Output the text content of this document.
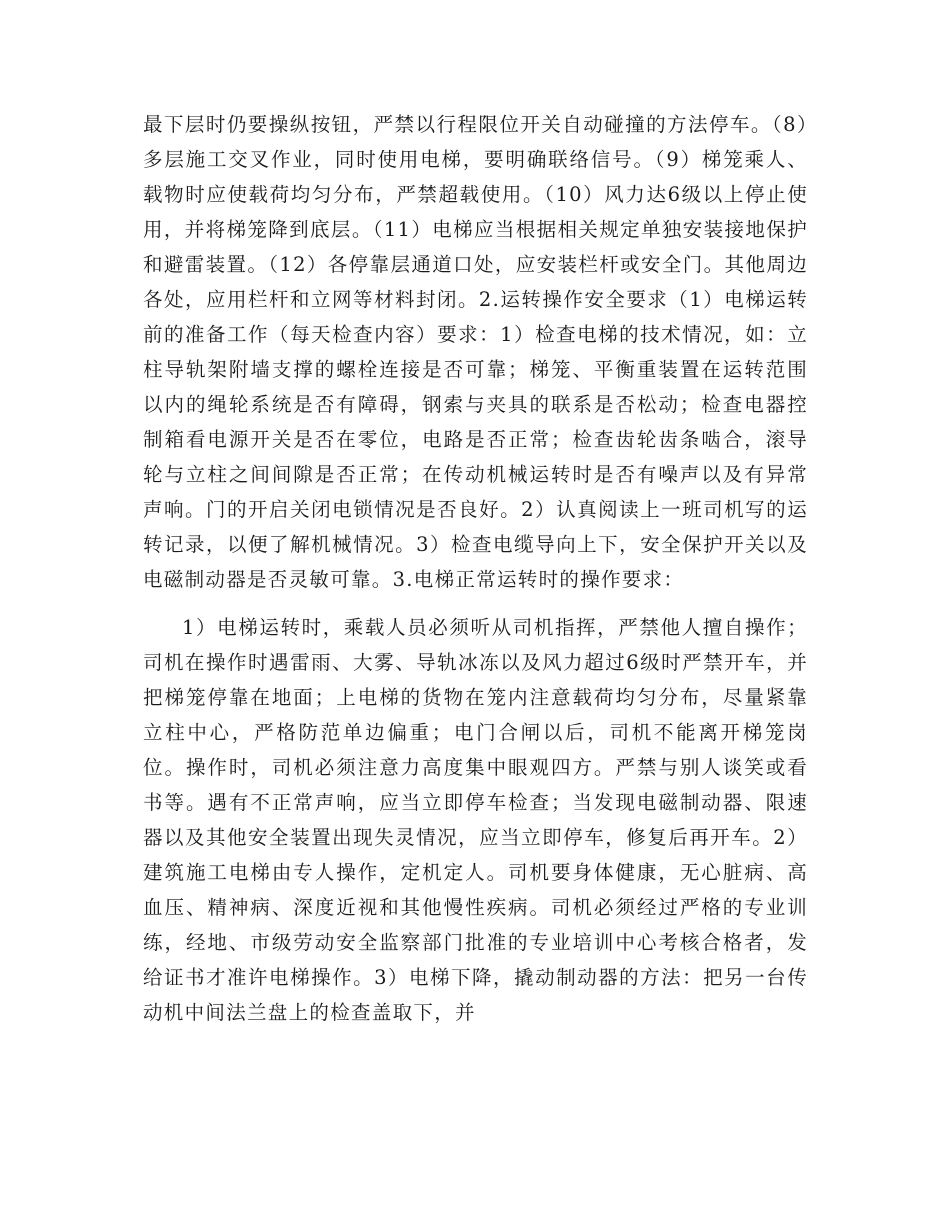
最下层时仍要操纵按钮，严禁以行程限位开关自动碰撞的方法停车。（8）多层施工交叉作业，同时使用电梯，要明确联络信号。（9）梯笼乘人、载物时应使载荷均匀分布，严禁超载使用。（10）风力达6级以上停止使用，并将梯笼降到底层。（11）电梯应当根据相关规定单独安装接地保护和避雷装置。（12）各停靠层通道口处，应安装栏杆或安全门。其他周边各处，应用栏杆和立网等材料封闭。2.运转操作安全要求（1）电梯运转前的准备工作（每天检查内容）要求：1）检查电梯的技术情况，如：立柱导轨架附墙支撑的螺栓连接是否可靠；梯笼、平衡重装置在运转范围以内的绳轮系统是否有障碍，钢索与夹具的联系是否松动；检查电器控制箱看电源开关是否在零位，电路是否正常；检查齿轮齿条啮合，滚导轮与立柱之间间隙是否正常；在传动机械运转时是否有噪声以及有异常声响。门的开启关闭电锁情况是否良好。2）认真阅读上一班司机写的运转记录，以便了解机械情况。3）检查电缆导向上下，安全保护开关以及电磁制动器是否灵敏可靠。3.电梯正常运转时的操作要求：

1）电梯运转时，乘载人员必须听从司机指挥，严禁他人擅自操作；司机在操作时遇雷雨、大雾、导轨冰冻以及风力超过6级时严禁开车，并把梯笼停靠在地面；上电梯的货物在笼内注意载荷均匀分布，尽量紧靠立柱中心，严格防范单边偏重；电门合闸以后，司机不能离开梯笼岗位。操作时，司机必须注意力高度集中眼观四方。严禁与别人谈笑或看书等。遇有不正常声响，应当立即停车检查；当发现电磁制动器、限速器以及其他安全装置出现失灵情况，应当立即停车，修复后再开车。2）建筑施工电梯由专人操作，定机定人。司机要身体健康，无心脏病、高血压、精神病、深度近视和其他慢性疾病。司机必须经过严格的专业训练，经地、市级劳动安全监察部门批准的专业培训中心考核合格者，发给证书才准许电梯操作。3）电梯下降，撬动制动器的方法：把另一台传动机中间法兰盘上的检查盖取下，并
